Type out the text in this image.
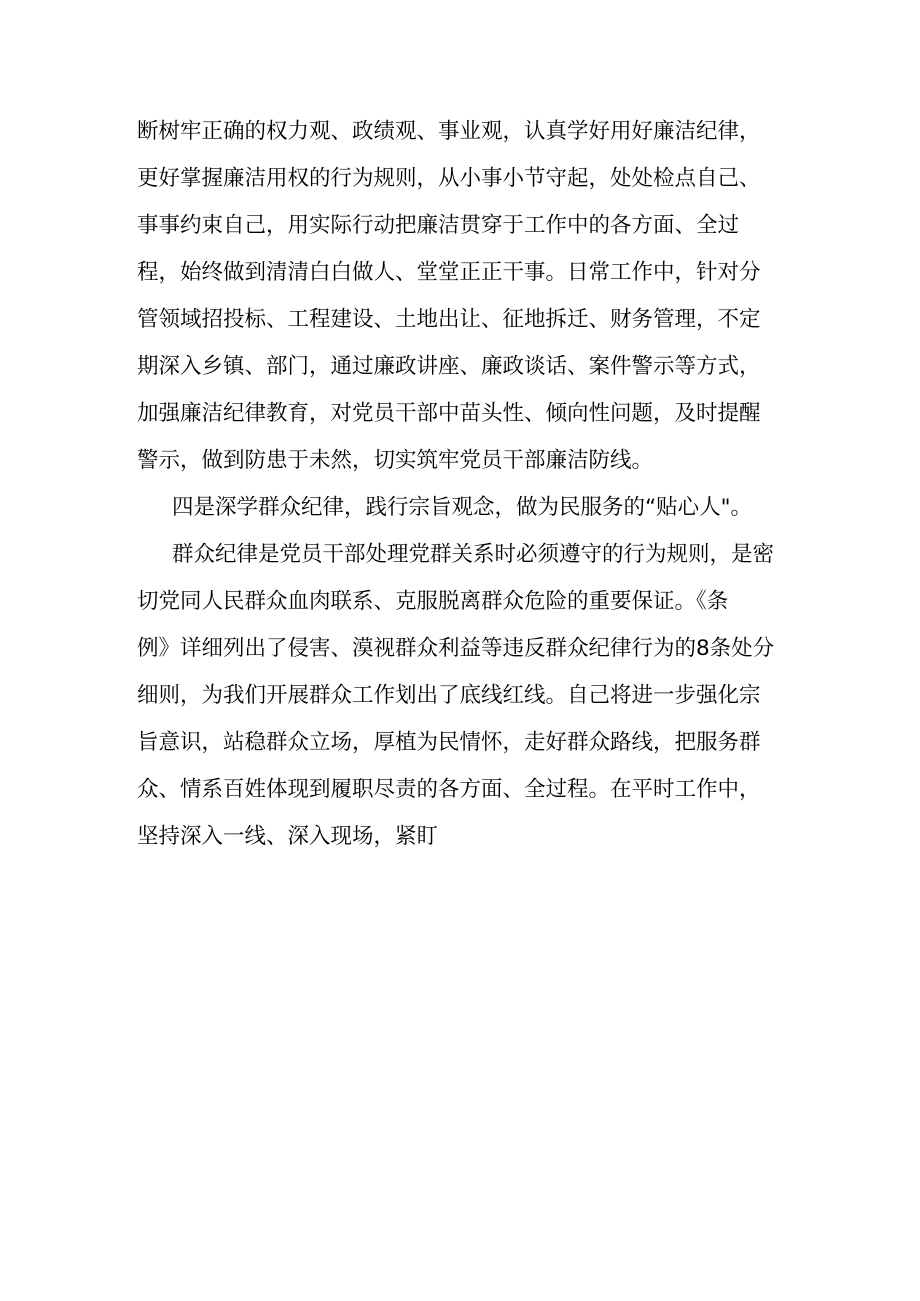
断树牢正确的权力观、政绩观、事业观，认真学好用好廉洁纪律，
更好掌握廉洁用权的行为规则，从小事小节守起，处处检点自己、
事事约束自己，用实际行动把廉洁贯穿于工作中的各方面、全过
程，始终做到清清白白做人、堂堂正正干事。日常工作中，针对分
管领域招投标、工程建设、土地出让、征地拆迁、财务管理，不定
期深入乡镇、部门，通过廉政讲座、廉政谈话、案件警示等方式，
加强廉洁纪律教育，对党员干部中苗头性、倾向性问题，及时提醒
警示，做到防患于未然，切实筑牢党员干部廉洁防线。
四是深学群众纪律，践行宗旨观念，做为民服务的“贴心人"。
群众纪律是党员干部处理党群关系时必须遵守的行为规则，是密
切党同人民群众血肉联系、克服脱离群众危险的重要保证。《条
例》详细列出了侵害、漠视群众利益等违反群众纪律行为的8条处分
细则，为我们开展群众工作划出了底线红线。自己将进一步强化宗
旨意识，站稳群众立场，厚植为民情怀，走好群众路线，把服务群
众、情系百姓体现到履职尽责的各方面、全过程。在平时工作中，
坚持深入一线、深入现场，紧盯
